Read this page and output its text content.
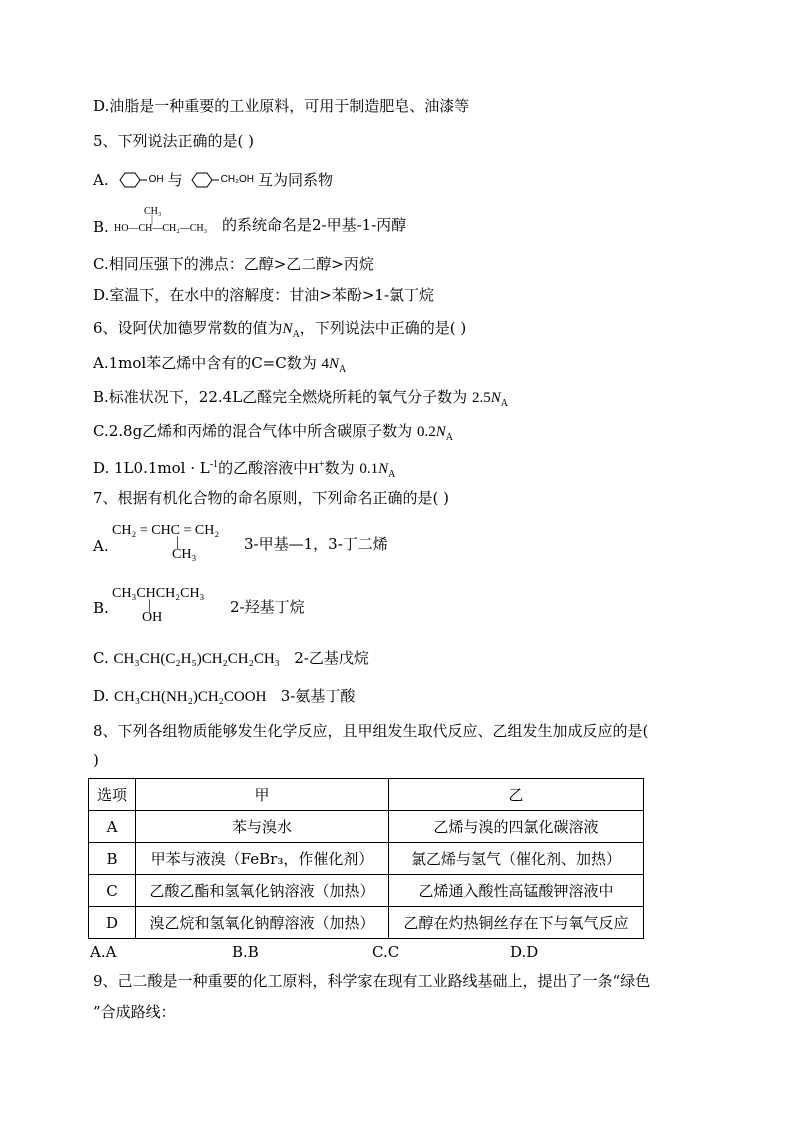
D.油脂是一种重要的工业原料，可用于制造肥皂、油漆等
5、下列说法正确的是( )
A.	OH 与	CH₂OH 互为同系物
B.
CH₃
|
HO—CH—CH₂—CH₃ 的系统命名是2-甲基-1-丙醇
C.相同压强下的沸点：乙醇>乙二醇>丙烷
D.室温下，在水中的溶解度：甘油>苯酚>1-氯丁烷
6、设阿伏加德罗常数的值为$N_A$，下列说法中正确的是( )
A.1mol苯乙烯中含有的C=C数为 $4N_A$
B.标准状况下，22.4L乙醛完全燃烧所耗的氧气分子数为 $2.5N_A$
C.2.8g乙烯和丙烯的混合气体中所含碳原子数为 $0.2N_A$
D. $1L0.1mol \cdot L^{-1}$的乙酸溶液中H+数为 $0.1N_A$
7、根据有机化合物的命名原则，下列命名正确的是( )
A.
CH₂ = CHC = CH₂
|
CH₃
3-甲基—1，3-丁二烯
B.
CH₃CHCH₂CH₃
|
OH
2-羟基丁烷
C. CH₃CH(C₂H₅)CH₂CH₂CH₃ 2-乙基戊烷
D. CH₃CH(NH₂)CH₂COOH 3-氨基丁酸
8、下列各组物质能够发生化学反应，且甲组发生取代反应、乙组发生加成反应的是(
)
选项	甲	乙
A	苯与溴水	乙烯与溴的四氯化碳溶液
B	甲苯与液溴（FeBr₃，作催化剂）	氯乙烯与氢气（催化剂、加热）
C	乙酸乙酯和氢氧化钠溶液（加热）	乙烯通入酸性高锰酸钾溶液中
D	溴乙烷和氢氧化钠醇溶液（加热）	乙醇在灼热铜丝存在下与氧气反应
A.A	B.B	C.C	D.D
9、己二酸是一种重要的化工原料，科学家在现有工业路线基础上，提出了一条“绿色
”合成路线：
